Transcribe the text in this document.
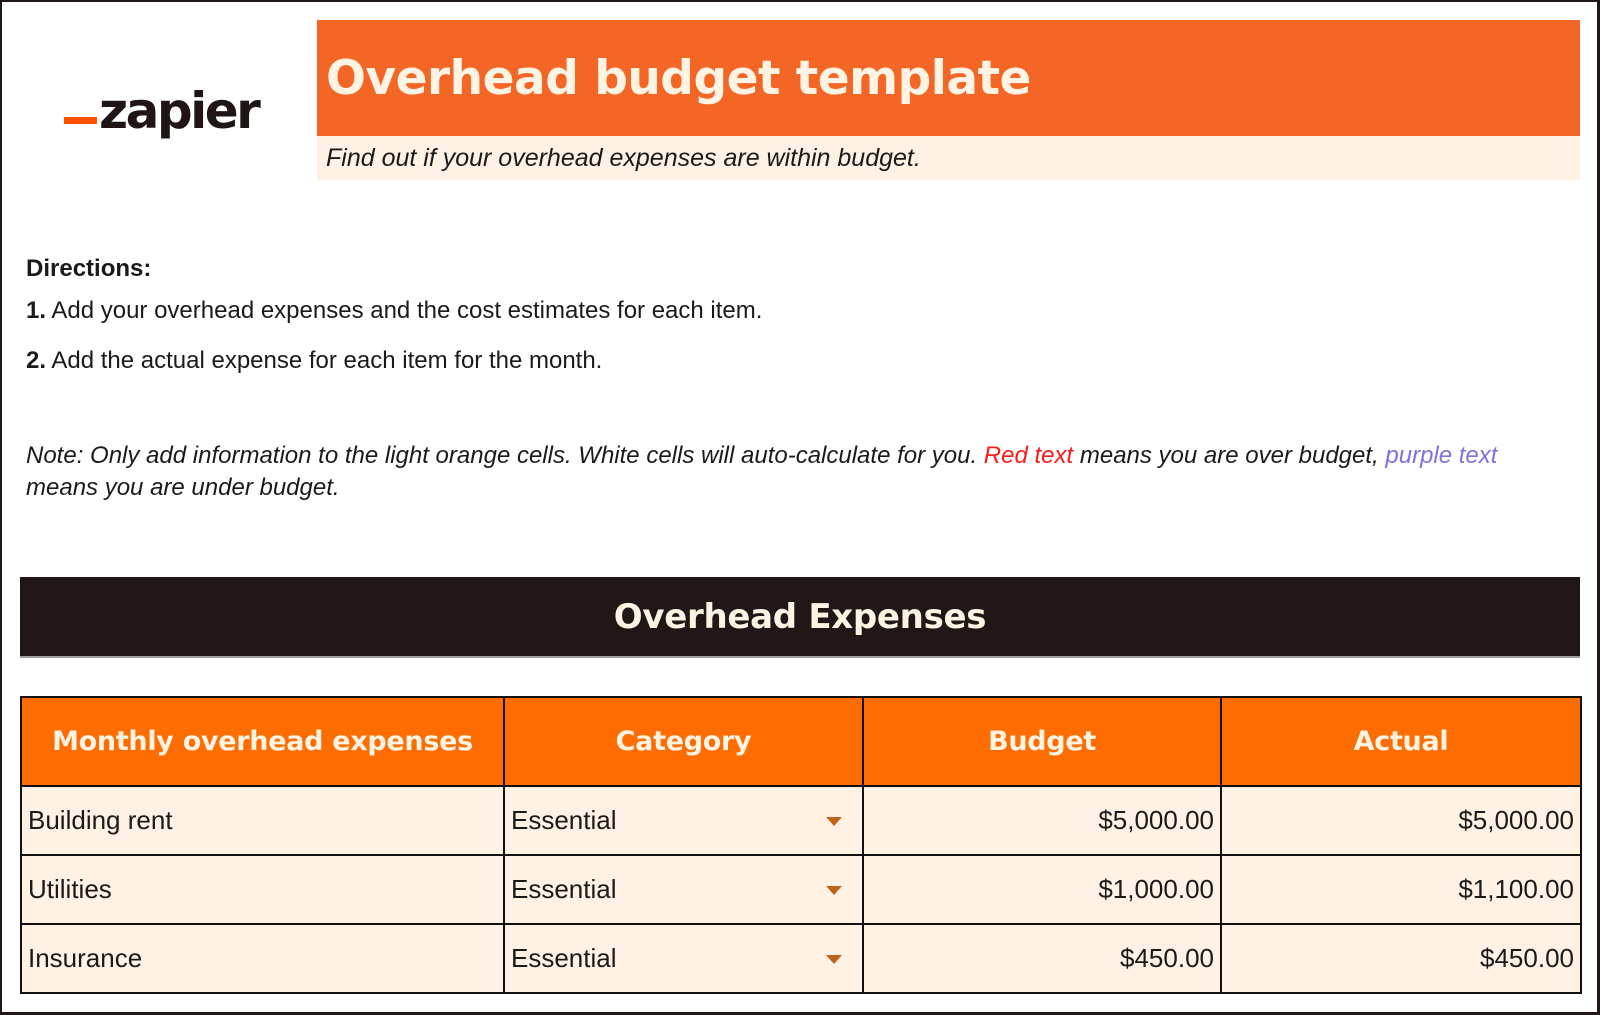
zapier
Overhead budget template
Find out if your overhead expenses are within budget.
Directions:
1. Add your overhead expenses and the cost estimates for each item.
2. Add the actual expense for each item for the month.
Note: Only add information to the light orange cells. White cells will auto-calculate for you. Red text means you are over budget, purple text means you are under budget.
Overhead Expenses
Monthly overhead expenses	Category	Budget	Actual
Building rent	Essential	$5,000.00	$5,000.00
Utilities	Essential	$1,000.00	$1,100.00
Insurance	Essential	$450.00	$450.00
